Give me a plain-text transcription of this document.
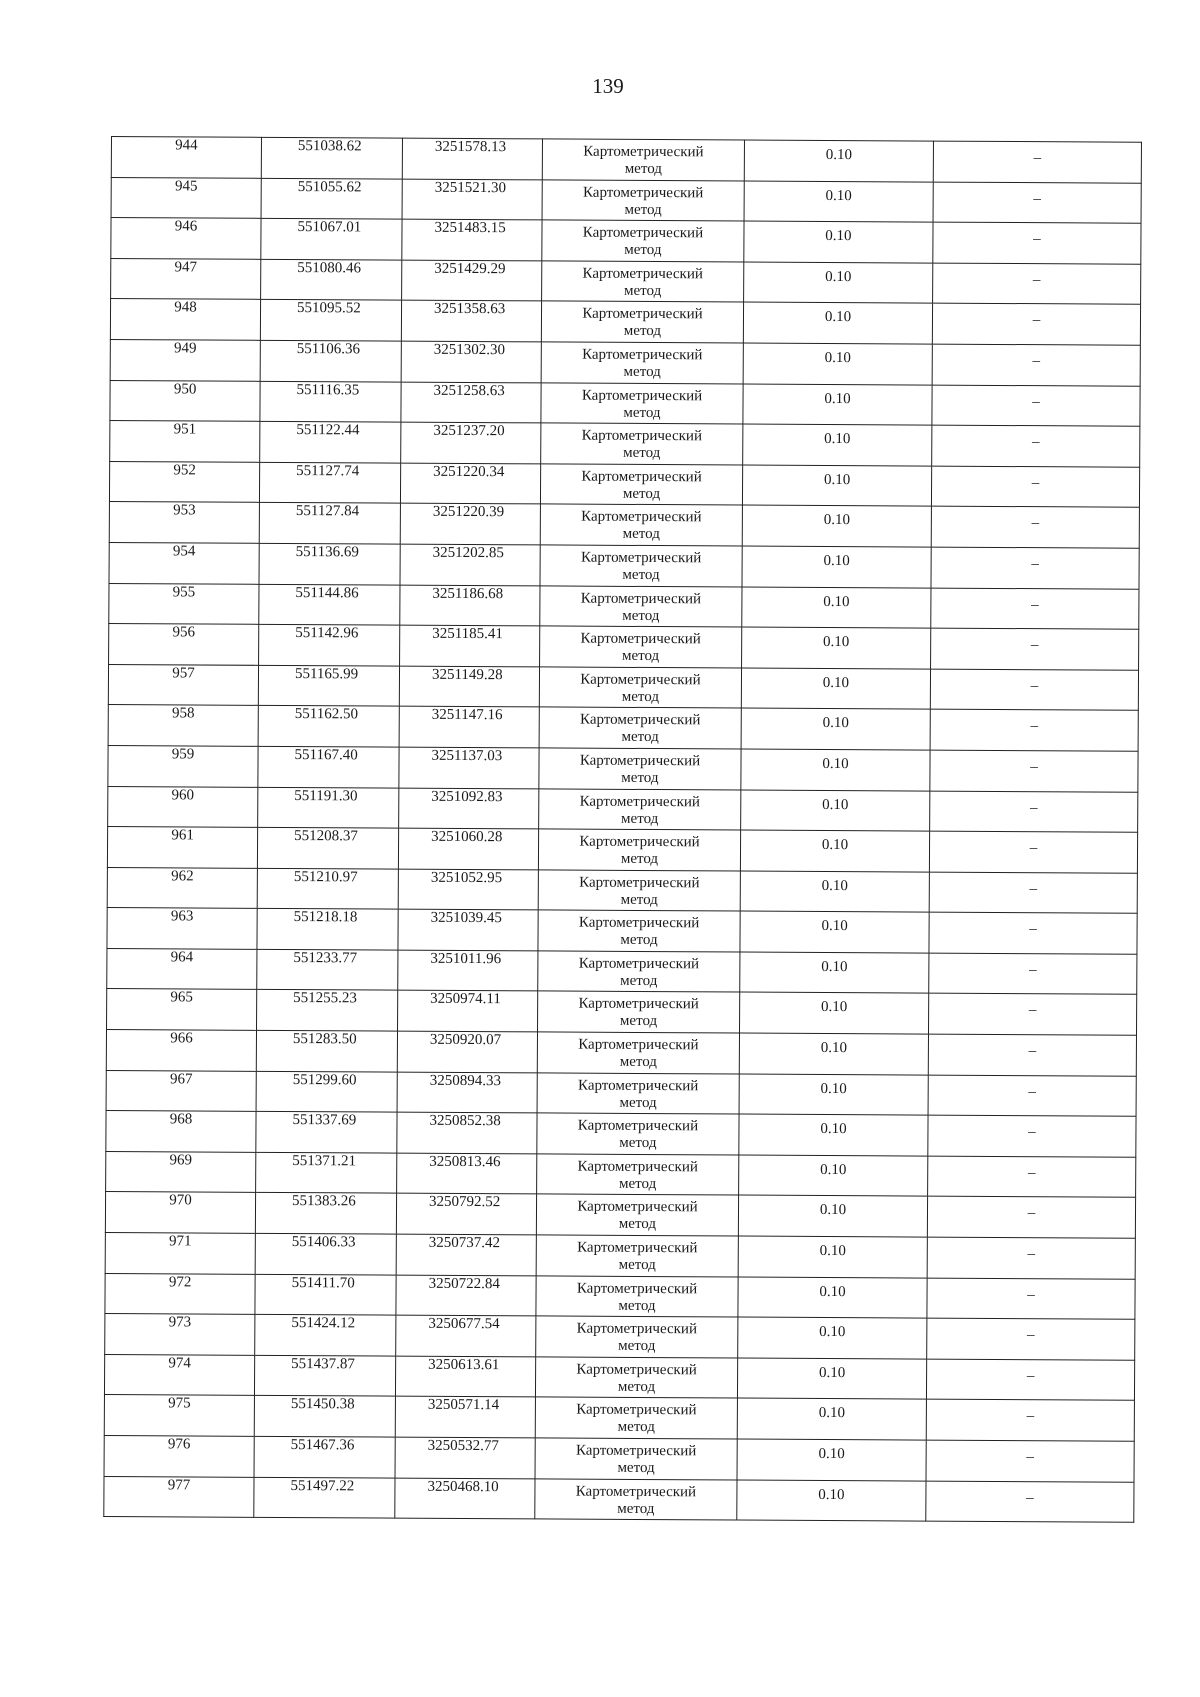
139
944	551038.62	3251578.13	Картометрический
метод	0.10	–

945	551055.62	3251521.30	Картометрический
метод	0.10	–

946	551067.01	3251483.15	Картометрический
метод	0.10	–

947	551080.46	3251429.29	Картометрический
метод	0.10	–

948	551095.52	3251358.63	Картометрический
метод	0.10	–

949	551106.36	3251302.30	Картометрический
метод	0.10	–

950	551116.35	3251258.63	Картометрический
метод	0.10	–

951	551122.44	3251237.20	Картометрический
метод	0.10	–

952	551127.74	3251220.34	Картометрический
метод	0.10	–

953	551127.84	3251220.39	Картометрический
метод	0.10	–

954	551136.69	3251202.85	Картометрический
метод	0.10	–

955	551144.86	3251186.68	Картометрический
метод	0.10	–

956	551142.96	3251185.41	Картометрический
метод	0.10	–

957	551165.99	3251149.28	Картометрический
метод	0.10	–

958	551162.50	3251147.16	Картометрический
метод	0.10	–

959	551167.40	3251137.03	Картометрический
метод	0.10	–

960	551191.30	3251092.83	Картометрический
метод	0.10	–

961	551208.37	3251060.28	Картометрический
метод	0.10	–

962	551210.97	3251052.95	Картометрический
метод	0.10	–

963	551218.18	3251039.45	Картометрический
метод	0.10	–

964	551233.77	3251011.96	Картометрический
метод	0.10	–

965	551255.23	3250974.11	Картометрический
метод	0.10	–

966	551283.50	3250920.07	Картометрический
метод	0.10	–

967	551299.60	3250894.33	Картометрический
метод	0.10	–

968	551337.69	3250852.38	Картометрический
метод	0.10	–

969	551371.21	3250813.46	Картометрический
метод	0.10	–

970	551383.26	3250792.52	Картометрический
метод	0.10	–

971	551406.33	3250737.42	Картометрический
метод	0.10	–

972	551411.70	3250722.84	Картометрический
метод	0.10	–

973	551424.12	3250677.54	Картометрический
метод	0.10	–

974	551437.87	3250613.61	Картометрический
метод	0.10	–

975	551450.38	3250571.14	Картометрический
метод	0.10	–

976	551467.36	3250532.77	Картометрический
метод	0.10	–

977	551497.22	3250468.10	Картометрический
метод	0.10	–
